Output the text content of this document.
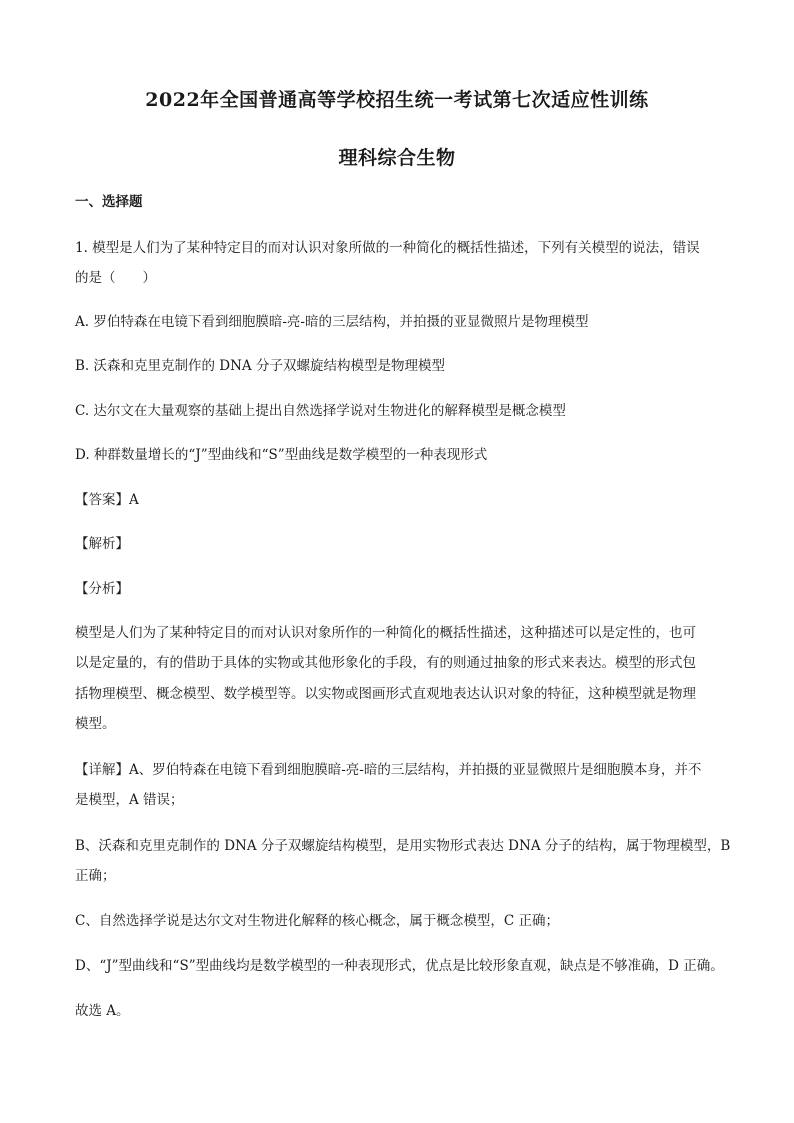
2022年全国普通高等学校招生统一考试第七次适应性训练
理科综合生物
一、选择题
1. 模型是人们为了某种特定目的而对认识对象所做的一种简化的概括性描述，下列有关模型的说法，错误
的是（　　）
A. 罗伯特森在电镜下看到细胞膜暗-亮-暗的三层结构，并拍摄的亚显微照片是物理模型
B. 沃森和克里克制作的 DNA 分子双螺旋结构模型是物理模型
C. 达尔文在大量观察的基础上提出自然选择学说对生物进化的解释模型是概念模型
D. 种群数量增长的“J”型曲线和“S”型曲线是数学模型的一种表现形式
【答案】A
【解析】
【分析】
模型是人们为了某种特定目的而对认识对象所作的一种简化的概括性描述，这种描述可以是定性的，也可
以是定量的，有的借助于具体的实物或其他形象化的手段，有的则通过抽象的形式来表达。模型的形式包
括物理模型、概念模型、数学模型等。以实物或图画形式直观地表达认识对象的特征，这种模型就是物理
模型。
【详解】A、罗伯特森在电镜下看到细胞膜暗-亮-暗的三层结构，并拍摄的亚显微照片是细胞膜本身，并不
是模型，A 错误；
B、沃森和克里克制作的 DNA 分子双螺旋结构模型，是用实物形式表达 DNA 分子的结构，属于物理模型，B
正确；
C、自然选择学说是达尔文对生物进化解释的核心概念，属于概念模型，C 正确；
D、“J”型曲线和“S”型曲线均是数学模型的一种表现形式，优点是比较形象直观，缺点是不够准确，D 正确。
故选 A。
